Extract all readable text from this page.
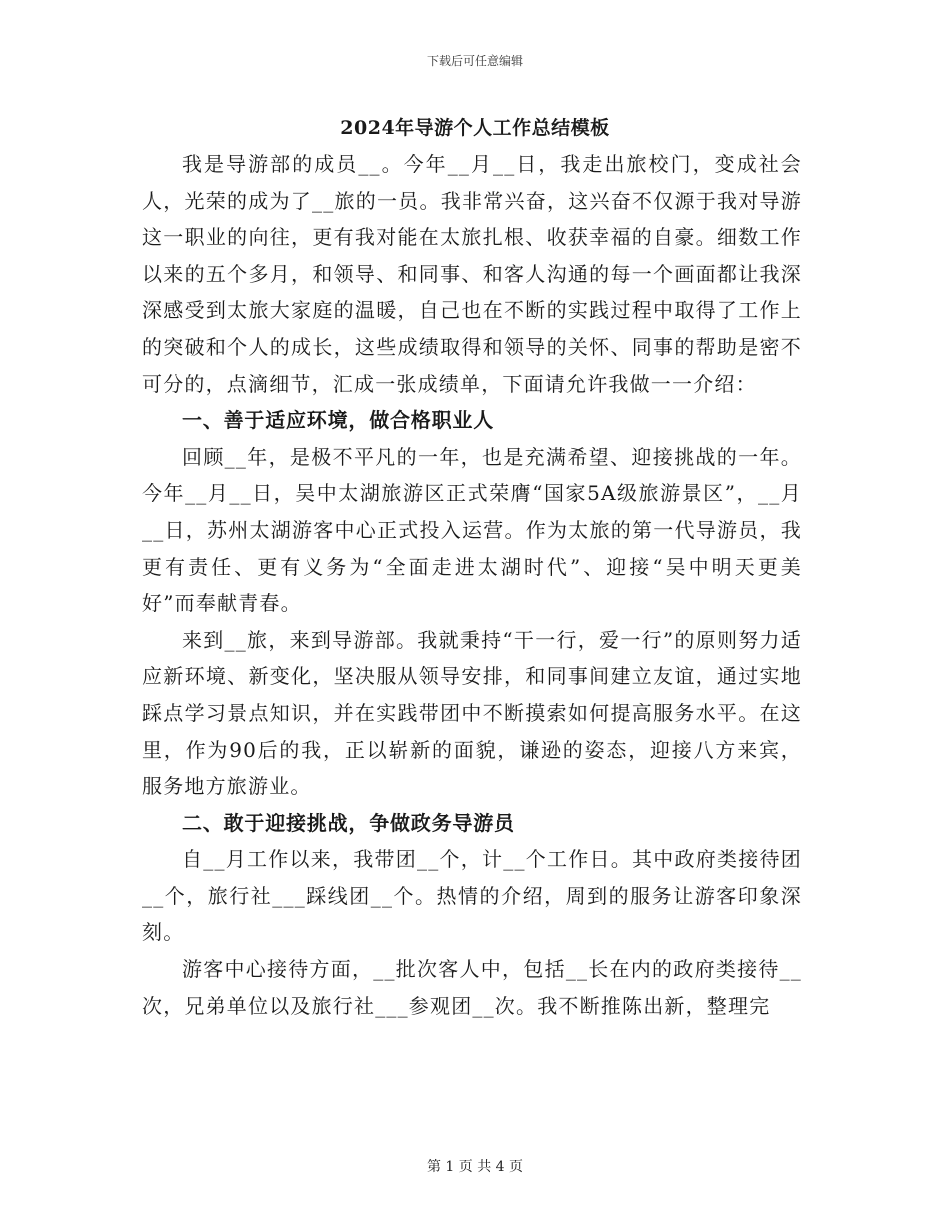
下载后可任意编辑
2024年导游个人工作总结模板

我是导游部的成员__。今年__月__日，我走出旅校门，变成社会人，光荣的成为了__旅的一员。我非常兴奋，这兴奋不仅源于我对导游这一职业的向往，更有我对能在太旅扎根、收获幸福的自豪。细数工作以来的五个多月，和领导、和同事、和客人沟通的每一个画面都让我深深感受到太旅大家庭的温暖，自己也在不断的实践过程中取得了工作上的突破和个人的成长，这些成绩取得和领导的关怀、同事的帮助是密不可分的，点滴细节，汇成一张成绩单，下面请允许我做一一介绍：

一、善于适应环境，做合格职业人

回顾__年，是极不平凡的一年，也是充满希望、迎接挑战的一年。今年__月__日，吴中太湖旅游区正式荣膺“国家5A级旅游景区”，__月__日，苏州太湖游客中心正式投入运营。作为太旅的第一代导游员，我更有责任、更有义务为“全面走进太湖时代”、迎接“吴中明天更美好”而奉献青春。

来到__旅，来到导游部。我就秉持“干一行，爱一行”的原则努力适应新环境、新变化，坚决服从领导安排，和同事间建立友谊，通过实地踩点学习景点知识，并在实践带团中不断摸索如何提高服务水平。在这里，作为90后的我，正以崭新的面貌，谦逊的姿态，迎接八方来宾，服务地方旅游业。

二、敢于迎接挑战，争做政务导游员

自__月工作以来，我带团__个，计__个工作日。其中政府类接待团__个，旅行社___踩线团__个。热情的介绍，周到的服务让游客印象深刻。

游客中心接待方面，__批次客人中，包括__长在内的政府类接待__次，兄弟单位以及旅行社___参观团__次。我不断推陈出新，整理完

第 1 页 共 4 页
